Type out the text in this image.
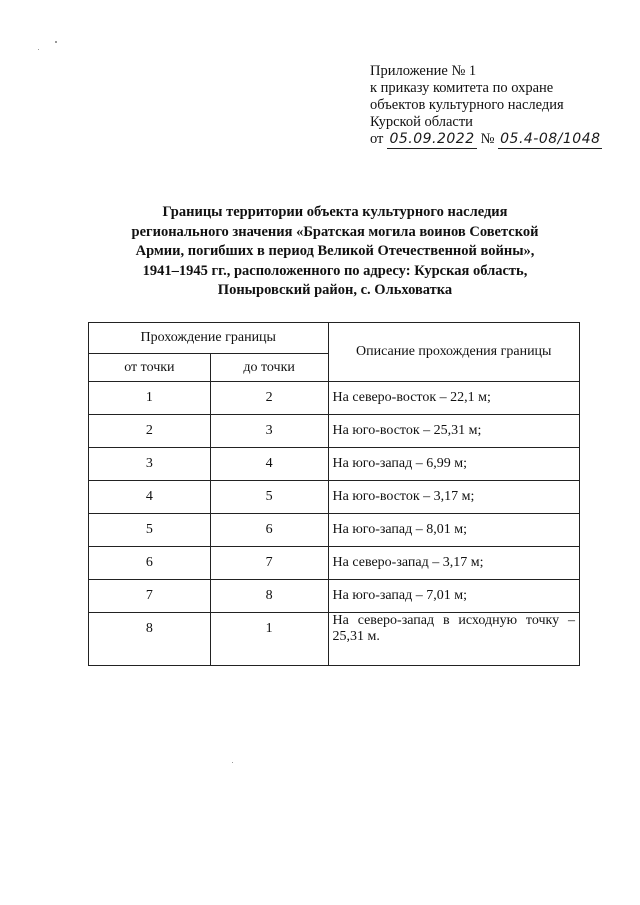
Приложение № 1
к приказу комитета по охране
объектов культурного наследия
Курской области
от 05.09.2022 № 05.4-08/1048
Границы территории объекта культурного наследия
регионального значения «Братская могила воинов Советской
Армии, погибших в период Великой Отечественной войны»,
1941–1945 гг., расположенного по адресу: Курская область,
Поныровский район, с. Ольховатка
Прохождение границы		Описание прохождения границы
от точки	до точки	
1	2	На северо-восток – 22,1 м;
2	3	На юго-восток – 25,31 м;
3	4	На юго-запад – 6,99 м;
4	5	На юго-восток – 3,17 м;
5	6	На юго-запад – 8,01 м;
6	7	На северо-запад – 3,17 м;
7	8	На юго-запад – 7,01 м;
8	1	На северо-запад в исходную точку –
25,31 м.
